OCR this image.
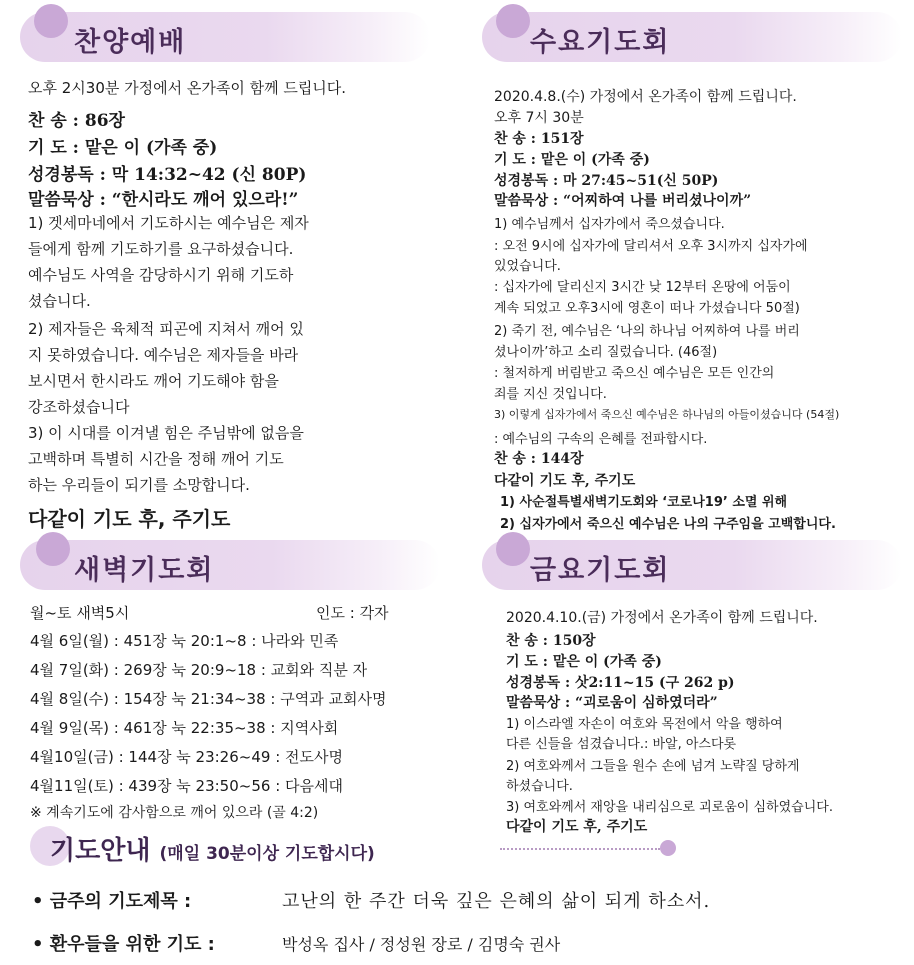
찬양예배
오후 2시30분 가정에서 온가족이 함께 드립니다.
찬 송 : 86장
기 도 : 맡은 이 (가족 중)
성경봉독 : 막 14:32~42 (신 80P)
말씀묵상 : “한시라도 깨어 있으라!”
1) 겟세마네에서 기도하시는 예수님은 제자
들에게 함께 기도하기를 요구하셨습니다.
예수님도 사역을 감당하시기 위해 기도하
셨습니다.
2) 제자들은 육체적 피곤에 지쳐서 깨어 있
지 못하였습니다. 예수님은 제자들을 바라
보시면서 한시라도 깨어 기도해야 함을
강조하셨습니다
3) 이 시대를 이겨낼 힘은 주님밖에 없음을
고백하며 특별히 시간을 정해 깨어 기도
하는 우리들이 되기를 소망합니다.
다같이 기도 후, 주기도
수요기도회
2020.4.8.(수) 가정에서 온가족이 함께 드립니다.
오후 7시 30분
찬 송 : 151장
기 도 : 맡은 이 (가족 중)
성경봉독 : 마 27:45~51(신 50P)
말씀묵상 : “어찌하여 나를 버리셨나이까”
1) 예수님께서 십자가에서 죽으셨습니다.
: 오전 9시에 십자가에 달리셔서 오후 3시까지 십자가에
있었습니다.
: 십자가에 달리신지 3시간 낮 12부터 온땅에 어둠이
계속 되었고 오후3시에 영혼이 떠나 가셨습니다 50절)
2) 죽기 전, 예수님은 ‘나의 하나님 어찌하여 나를 버리
셨나이까’하고 소리 질렀습니다. (46절)
: 철저하게 버림받고 죽으신 예수님은 모든 인간의
죄를 지신 것입니다.
3) 이렇게 십자가에서 죽으신 예수님은 하나님의 아들이셨습니다 (54절)
: 예수님의 구속의 은혜를 전파합시다.
찬 송 : 144장
다같이 기도 후, 주기도
1) 사순절특별새벽기도회와 ‘코로나19’ 소멸 위해
2) 십자가에서 죽으신 예수님은 나의 구주임을 고백합니다.
새벽기도회
월~토 새벽5시	인도 : 각자
4월 6일(월) : 451장 눅 20:1~8 : 나라와 민족
4월 7일(화) : 269장 눅 20:9~18 : 교회와 직분 자
4월 8일(수) : 154장 눅 21:34~38 : 구역과 교회사명
4월 9일(목) : 461장 눅 22:35~38 : 지역사회
4월10일(금) : 144장 눅 23:26~49 : 전도사명
4월11일(토) : 439장 눅 23:50~56 : 다음세대
※ 계속기도에 감사함으로 깨어 있으라 (골 4:2)
금요기도회
2020.4.10.(금) 가정에서 온가족이 함께 드립니다.
찬 송 : 150장
기 도 : 맡은 이 (가족 중)
성경봉독 : 삿2:11~15 (구 262 p)
말씀묵상 : “괴로움이 심하였더라”
1) 이스라엘 자손이 여호와 목전에서 악을 행하여
다른 신들을 섬겼습니다.: 바알, 아스다롯
2) 여호와께서 그들을 원수 손에 넘겨 노략질 당하게
하셨습니다.
3) 여호와께서 재앙을 내리심으로 괴로움이 심하였습니다.
다같이 기도 후, 주기도
기도안내 (매일 30분이상 기도합시다)
• 금주의 기도제목 :	고난의 한 주간 더욱 깊은 은혜의 삶이 되게 하소서.
• 환우들을 위한 기도 :	박성옥 집사 / 정성원 장로 / 김명숙 권사
